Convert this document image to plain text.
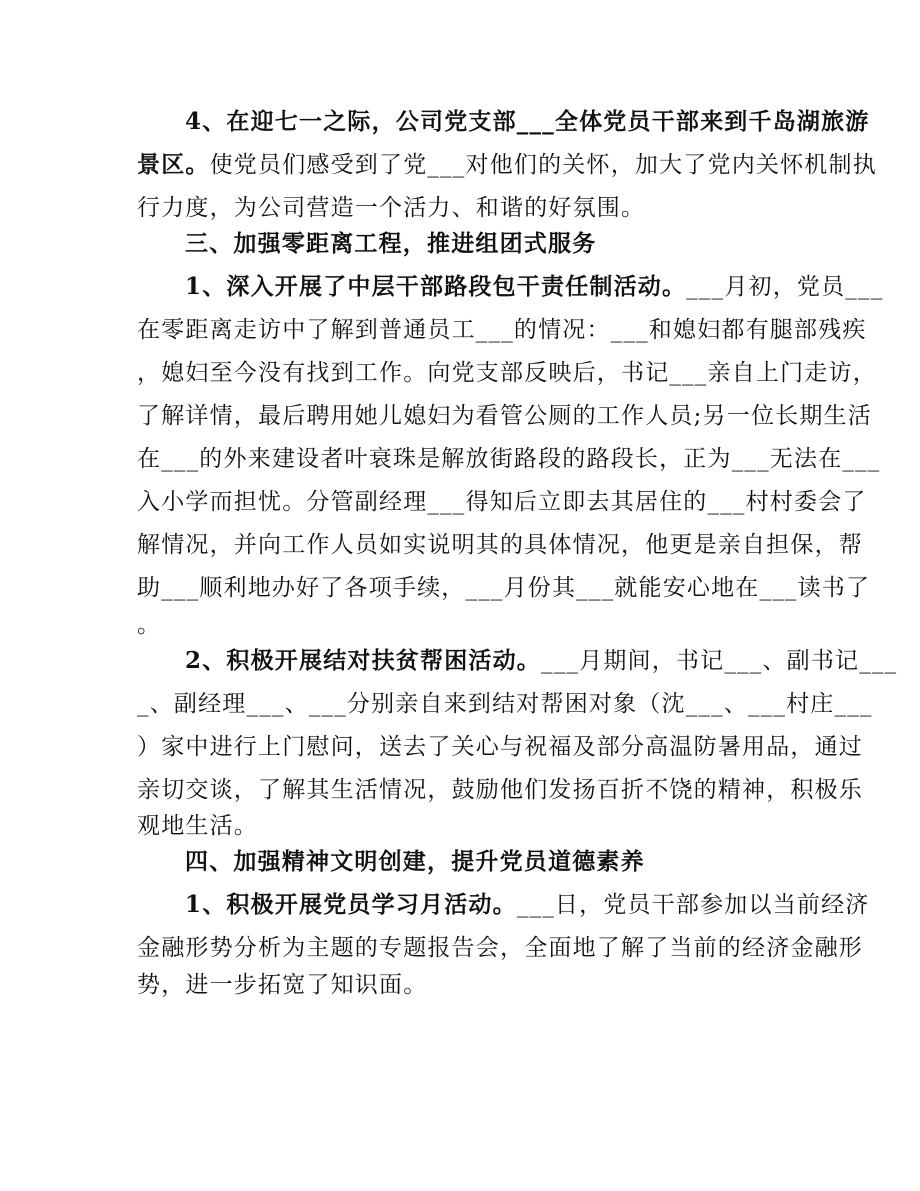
4、在迎七一之际，公司党支部___全体党员干部来到千岛湖旅游
景区。使党员们感受到了党___对他们的关怀，加大了党内关怀机制执
行力度，为公司营造一个活力、和谐的好氛围。
三、加强零距离工程，推进组团式服务
1、深入开展了中层干部路段包干责任制活动。___月初，党员___
在零距离走访中了解到普通员工___的情况：___和媳妇都有腿部残疾
，媳妇至今没有找到工作。向党支部反映后，书记___亲自上门走访，
了解详情，最后聘用她儿媳妇为看管公厕的工作人员;另一位长期生活
在___的外来建设者叶衰珠是解放街路段的路段长，正为___无法在___
入小学而担忧。分管副经理___得知后立即去其居住的___村村委会了
解情况，并向工作人员如实说明其的具体情况，他更是亲自担保，帮
助___顺利地办好了各项手续，___月份其___就能安心地在___读书了
。
2、积极开展结对扶贫帮困活动。___月期间，书记___、副书记___
_、副经理___、___分别亲自来到结对帮困对象（沈___、___村庄___
）家中进行上门慰问，送去了关心与祝福及部分高温防暑用品，通过
亲切交谈，了解其生活情况，鼓励他们发扬百折不饶的精神，积极乐
观地生活。
四、加强精神文明创建，提升党员道德素养
1、积极开展党员学习月活动。___日，党员干部参加以当前经济
金融形势分析为主题的专题报告会，全面地了解了当前的经济金融形
势，进一步拓宽了知识面。
